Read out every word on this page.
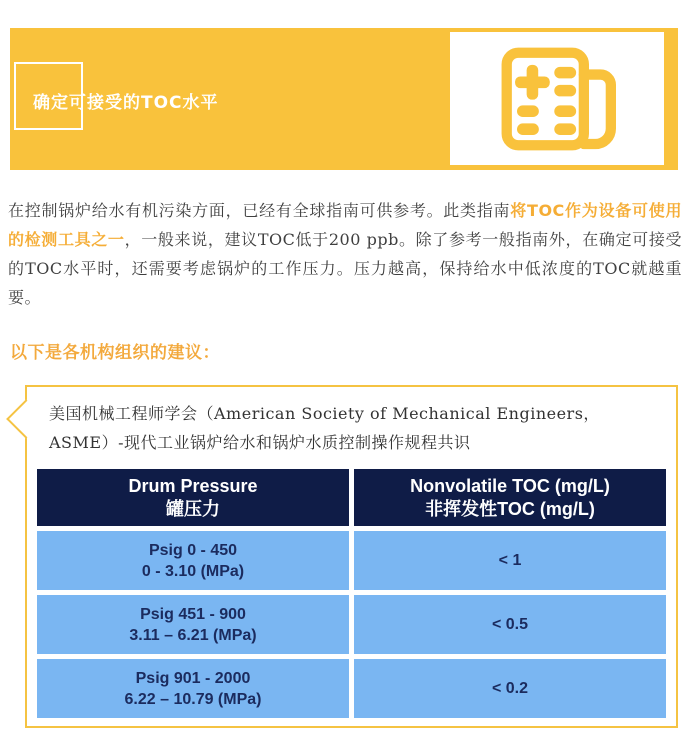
确定可接受的TOC水平

在控制锅炉给水有机污染方面，已经有全球指南可供参考。此类指南将TOC作为设备可使用的检测工具之一，一般来说，建议TOC低于200 ppb。除了参考一般指南外，在确定可接受的TOC水平时，还需要考虑锅炉的工作压力。压力越高，保持给水中低浓度的TOC就越重要。

以下是各机构组织的建议：

美国机械工程师学会（American Society of Mechanical Engineers，ASME）-现代工业锅炉给水和锅炉水质控制操作规程共识

Drum Pressure
罐压力
Nonvolatile TOC (mg/L)
非挥发性TOC (mg/L)
Psig 0 - 450
0 - 3.10 (MPa)
< 1
Psig 451 - 900
3.11 – 6.21 (MPa)
< 0.5
Psig 901 - 2000
6.22 – 10.79 (MPa)
< 0.2
